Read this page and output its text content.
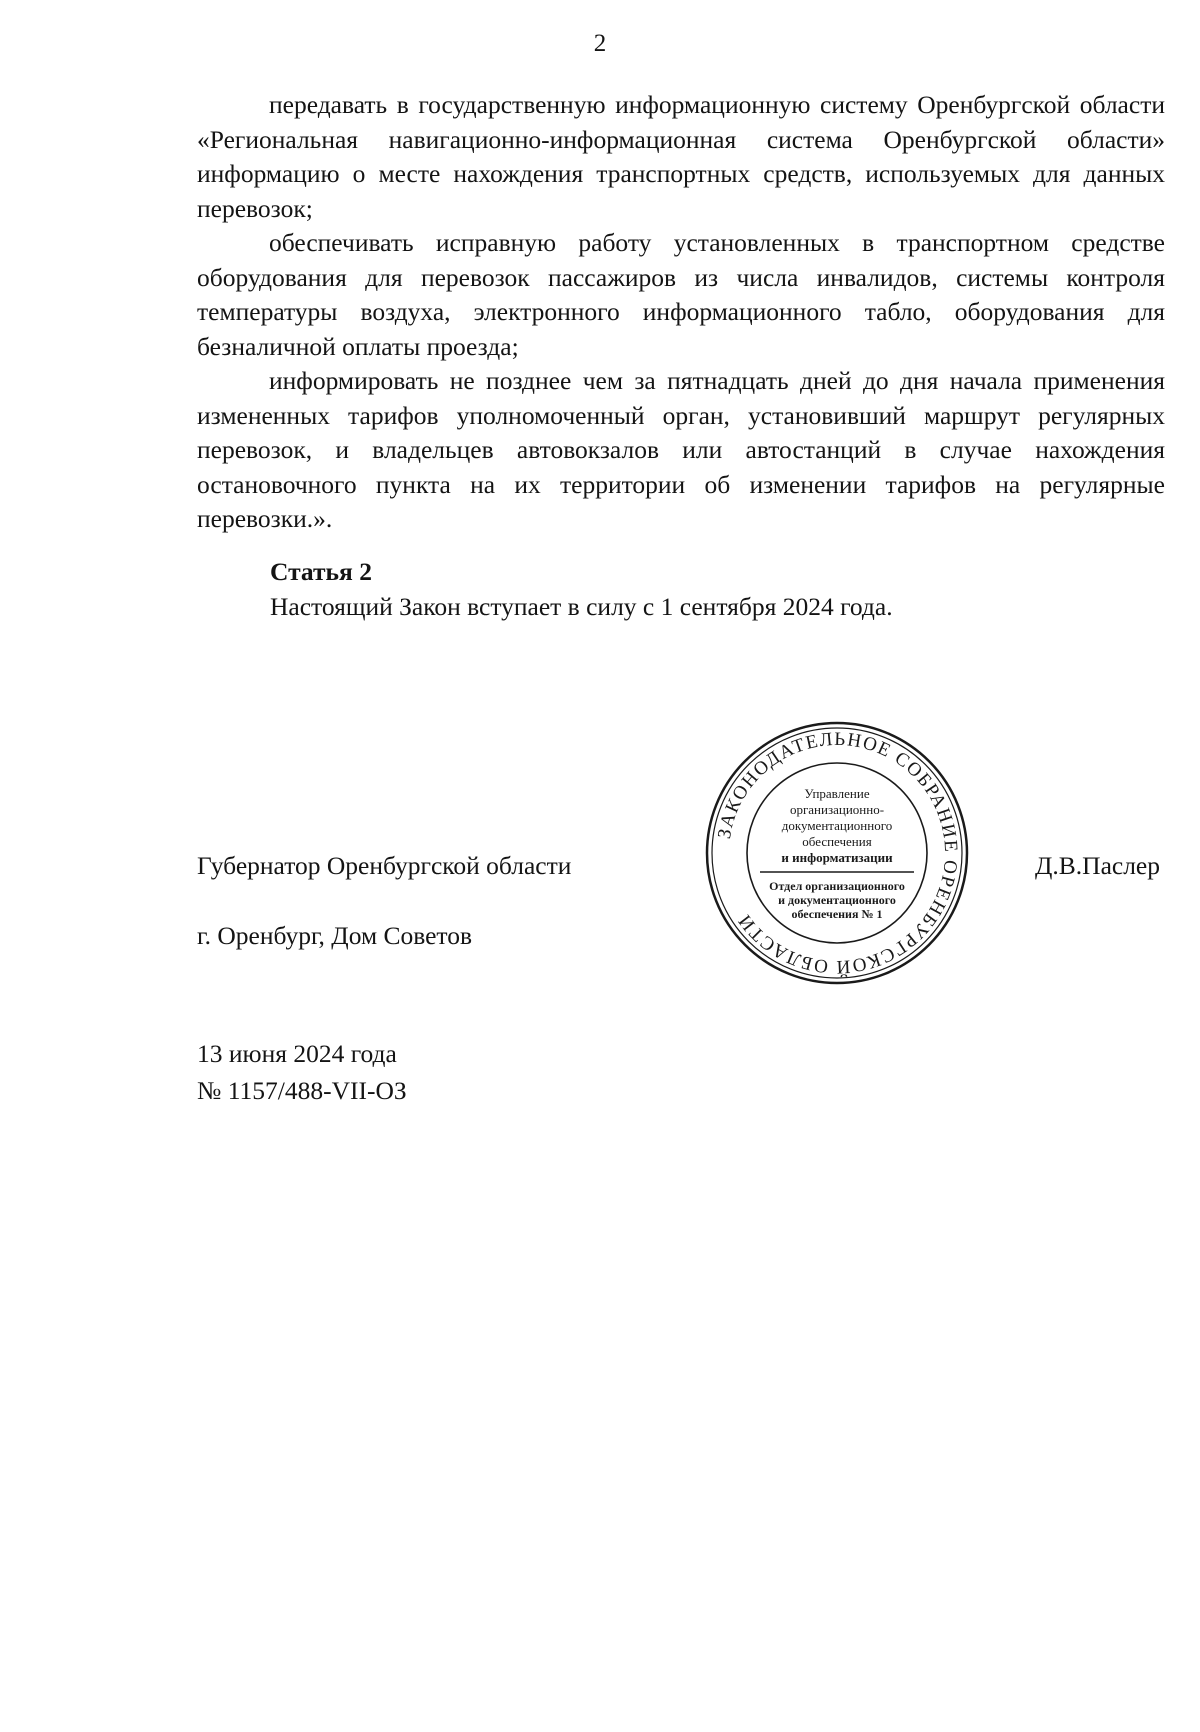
2

передавать в государственную информационную систему Оренбургской области «Региональная навигационно-информационная система Оренбургской области» информацию о месте нахождения транспортных средств, используемых для данных перевозок;

обеспечивать исправную работу установленных в транспортном средстве оборудования для перевозок пассажиров из числа инвалидов, системы контроля температуры воздуха, электронного информационного табло, оборудования для безналичной оплаты проезда;

информировать не позднее чем за пятнадцать дней до дня начала применения измененных тарифов уполномоченный орган, установивший маршрут регулярных перевозок, и владельцев автовокзалов или автостанций в случае нахождения остановочного пункта на их территории об изменении тарифов на регулярные перевозки.».

Статья 2
Настоящий Закон вступает в силу с 1 сентября 2024 года.
Губернатор Оренбургской области	Д.В.Паслер
г. Оренбург, Дом Советов
13 июня 2024 года
№ 1157/488-VII-ОЗ
ЗАКОНОДАТЕЛЬНОЕ СОБРАНИЕ ОРЕНБУРГСКОЙ ОБЛАСТИ
Управление
организационно-
документационного
обеспечения
и информатизации
Отдел организационного
и документационного
обеспечения № 1
